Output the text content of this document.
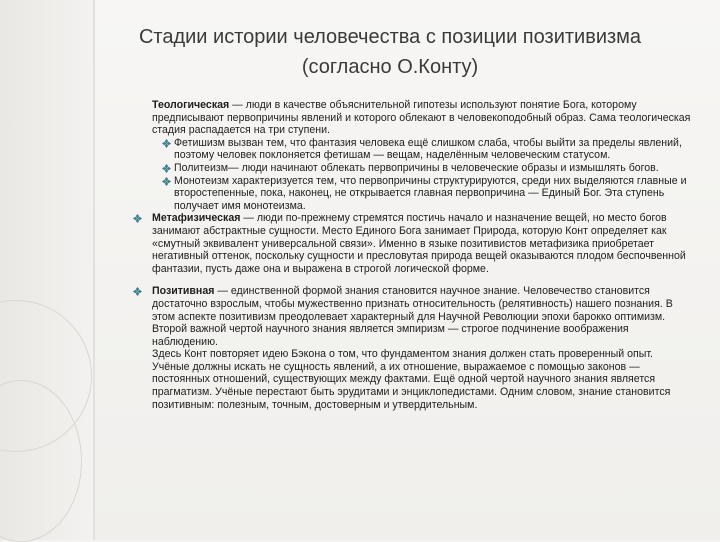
Стадии истории человечества с позиции позитивизма
(согласно О.Конту)
Теологическая — люди в качестве объяснительной гипотезы используют понятие Бога, которому предписывают первопричины явлений и которого облекают в человекоподобный образ. Сама теологическая стадия распадается на три ступени.
Фетишизм вызван тем, что фантазия человека ещё слишком слаба, чтобы выйти за пределы явлений, поэтому человек поклоняется фетишам — вещам, наделённым человеческим статусом.
Политеизм— люди начинают облекать первопричины в человеческие образы и измышлять богов.
Монотеизм характеризуется тем, что первопричины структурируются, среди них выделяются главные и второстепенные, пока, наконец, не открывается главная первопричина — Единый Бог. Эта ступень получает имя монотеизма.
Метафизическая — люди по-прежнему стремятся постичь начало и назначение вещей, но место богов занимают абстрактные сущности. Место Единого Бога занимает Природа, которую Конт определяет как «смутный эквивалент универсальной связи». Именно в языке позитивистов метафизика приобретает негативный оттенок, поскольку сущности и пресловутая природа вещей оказываются плодом беспочвенной фантазии, пусть даже она и выражена в строгой логической форме.
Позитивная — единственной формой знания становится научное знание. Человечество становится достаточно взрослым, чтобы мужественно признать относительность (релятивность) нашего познания. В этом аспекте позитивизм преодолевает характерный для Научной Революции эпохи барокко оптимизм. Второй важной чертой научного знания является эмпиризм — строгое подчинение воображения наблюдению.
Здесь Конт повторяет идею Бэкона о том, что фундаментом знания должен стать проверенный опыт. Учёные должны искать не сущность явлений, а их отношение, выражаемое с помощью законов — постоянных отношений, существующих между фактами. Ещё одной чертой научного знания является прагматизм. Учёные перестают быть эрудитами и энциклопедистами. Одним словом, знание становится позитивным: полезным, точным, достоверным и утвердительным.
